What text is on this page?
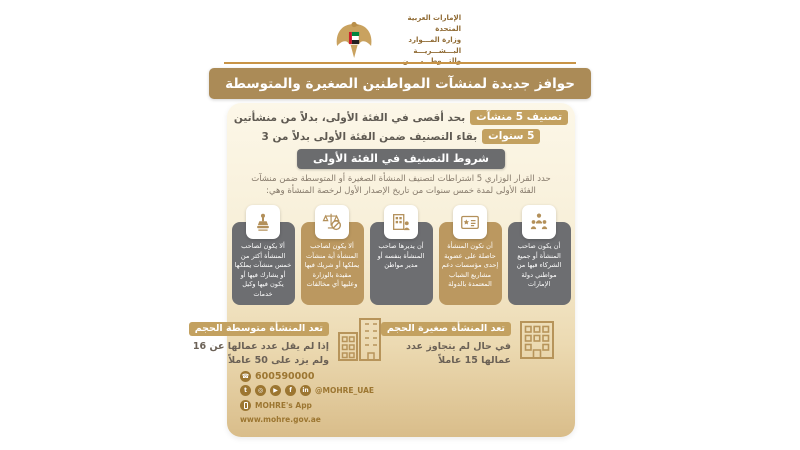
الإمارات العربية المتحدة
وزارة المـــوارد البـــشـــريـــة
حوافز جديدة لمنشآت المواطنين الصغيرة والمتوسطة
تصنيف 5 منشآت
بحد أقصى في الفئة الأولى، بدلاً من منشأتين
5 سنوات
بقاء التصنيف ضمن الفئة الأولى بدلاً من 3
شروط التصنيف في الفئة الأولى

حدد القرار الوزاري 5 اشتراطات لتصنيف المنشأة الصغيرة أو المتوسطة ضمن منشآت الفئة الأولى لمدة خمس سنوات من تاريخ الإصدار الأول لرخصة المنشأة وهي:

أن يكون صاحب المنشأة أو جميع الشركاء فيها من مواطني دولة الإمارات
أن تكون المنشأة حاصلة على عضوية إحدى مؤسسات دعم مشاريع الشباب المعتمدة بالدولة
أن يديرها صاحب المنشأة بنفسه أو مدير مواطن
ألا يكون لصاحب المنشأة أية منشآت يملكها أو شريك فيها مقيدة بالوزارة وعليها أي مخالفات
ألا يكون لصاحب المنشأة أكثر من خمس منشآت يملكها أو يشارك فيها أو يكون فيها وكيل خدمات
تعد المنشأة صغيرة الحجم
في حال لم يتجاوز عدد
عمالها 15 عاملاً
تعد المنشأة متوسطة الحجم
إذا لم يقل عدد عمالها عن 16
ولم يزد على 50 عاملاً
☎ 600590000
t	◎	▶	f	in @MOHRE_UAE
MOHRE's App
www.mohre.gov.ae
